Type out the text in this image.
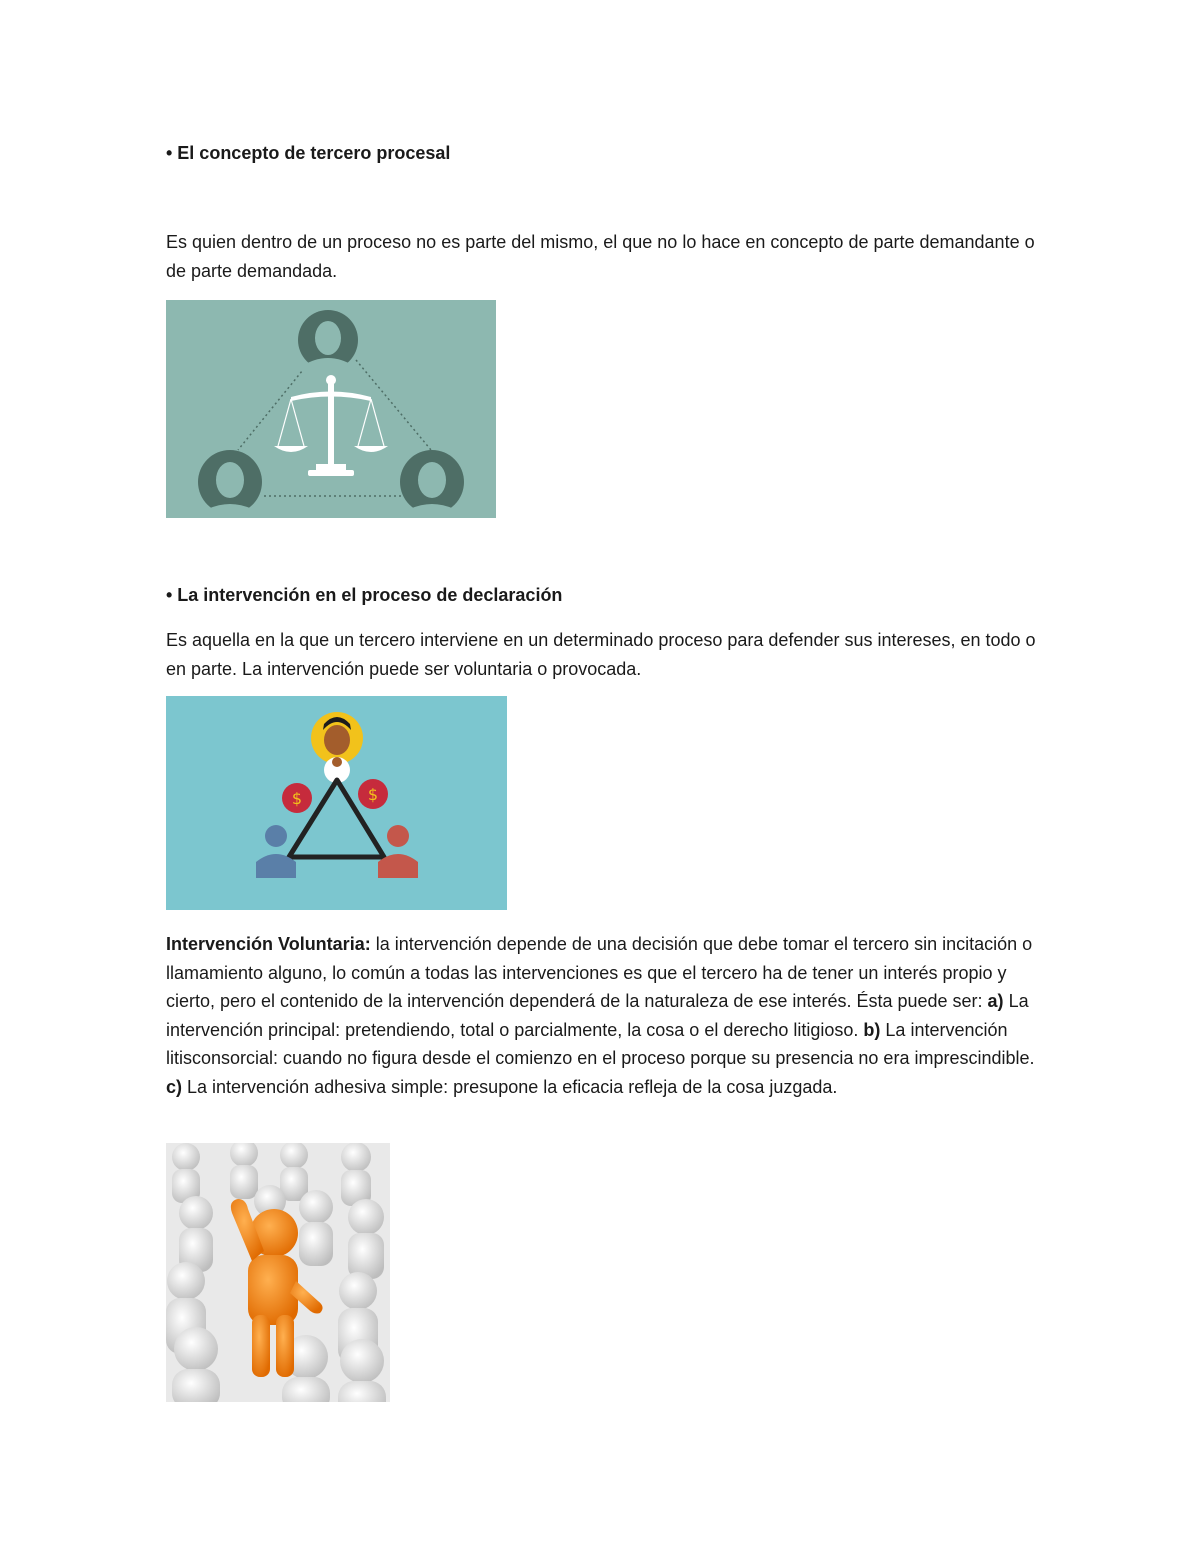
• El concepto de tercero procesal

Es quien dentro de un proceso no es parte del mismo, el que no lo hace en concepto de parte demandante o de parte demandada.

• La intervención en el proceso de declaración

Es aquella en la que un tercero interviene en un determinado proceso para defender sus intereses, en todo o en parte. La intervención puede ser voluntaria o provocada.

$	$

Intervención Voluntaria: la intervención depende de una decisión que debe tomar el tercero sin incitación o llamamiento alguno, lo común a todas las intervenciones es que el tercero ha de tener un interés propio y cierto, pero el contenido de la intervención dependerá de la naturaleza de ese interés. Ésta puede ser: a) La intervención principal: pretendiendo, total o parcialmente, la cosa o el derecho litigioso. b) La intervención litisconsorcial: cuando no figura desde el comienzo en el proceso porque su presencia no era imprescindible. c) La intervención adhesiva simple: presupone la eficacia refleja de la cosa juzgada.
